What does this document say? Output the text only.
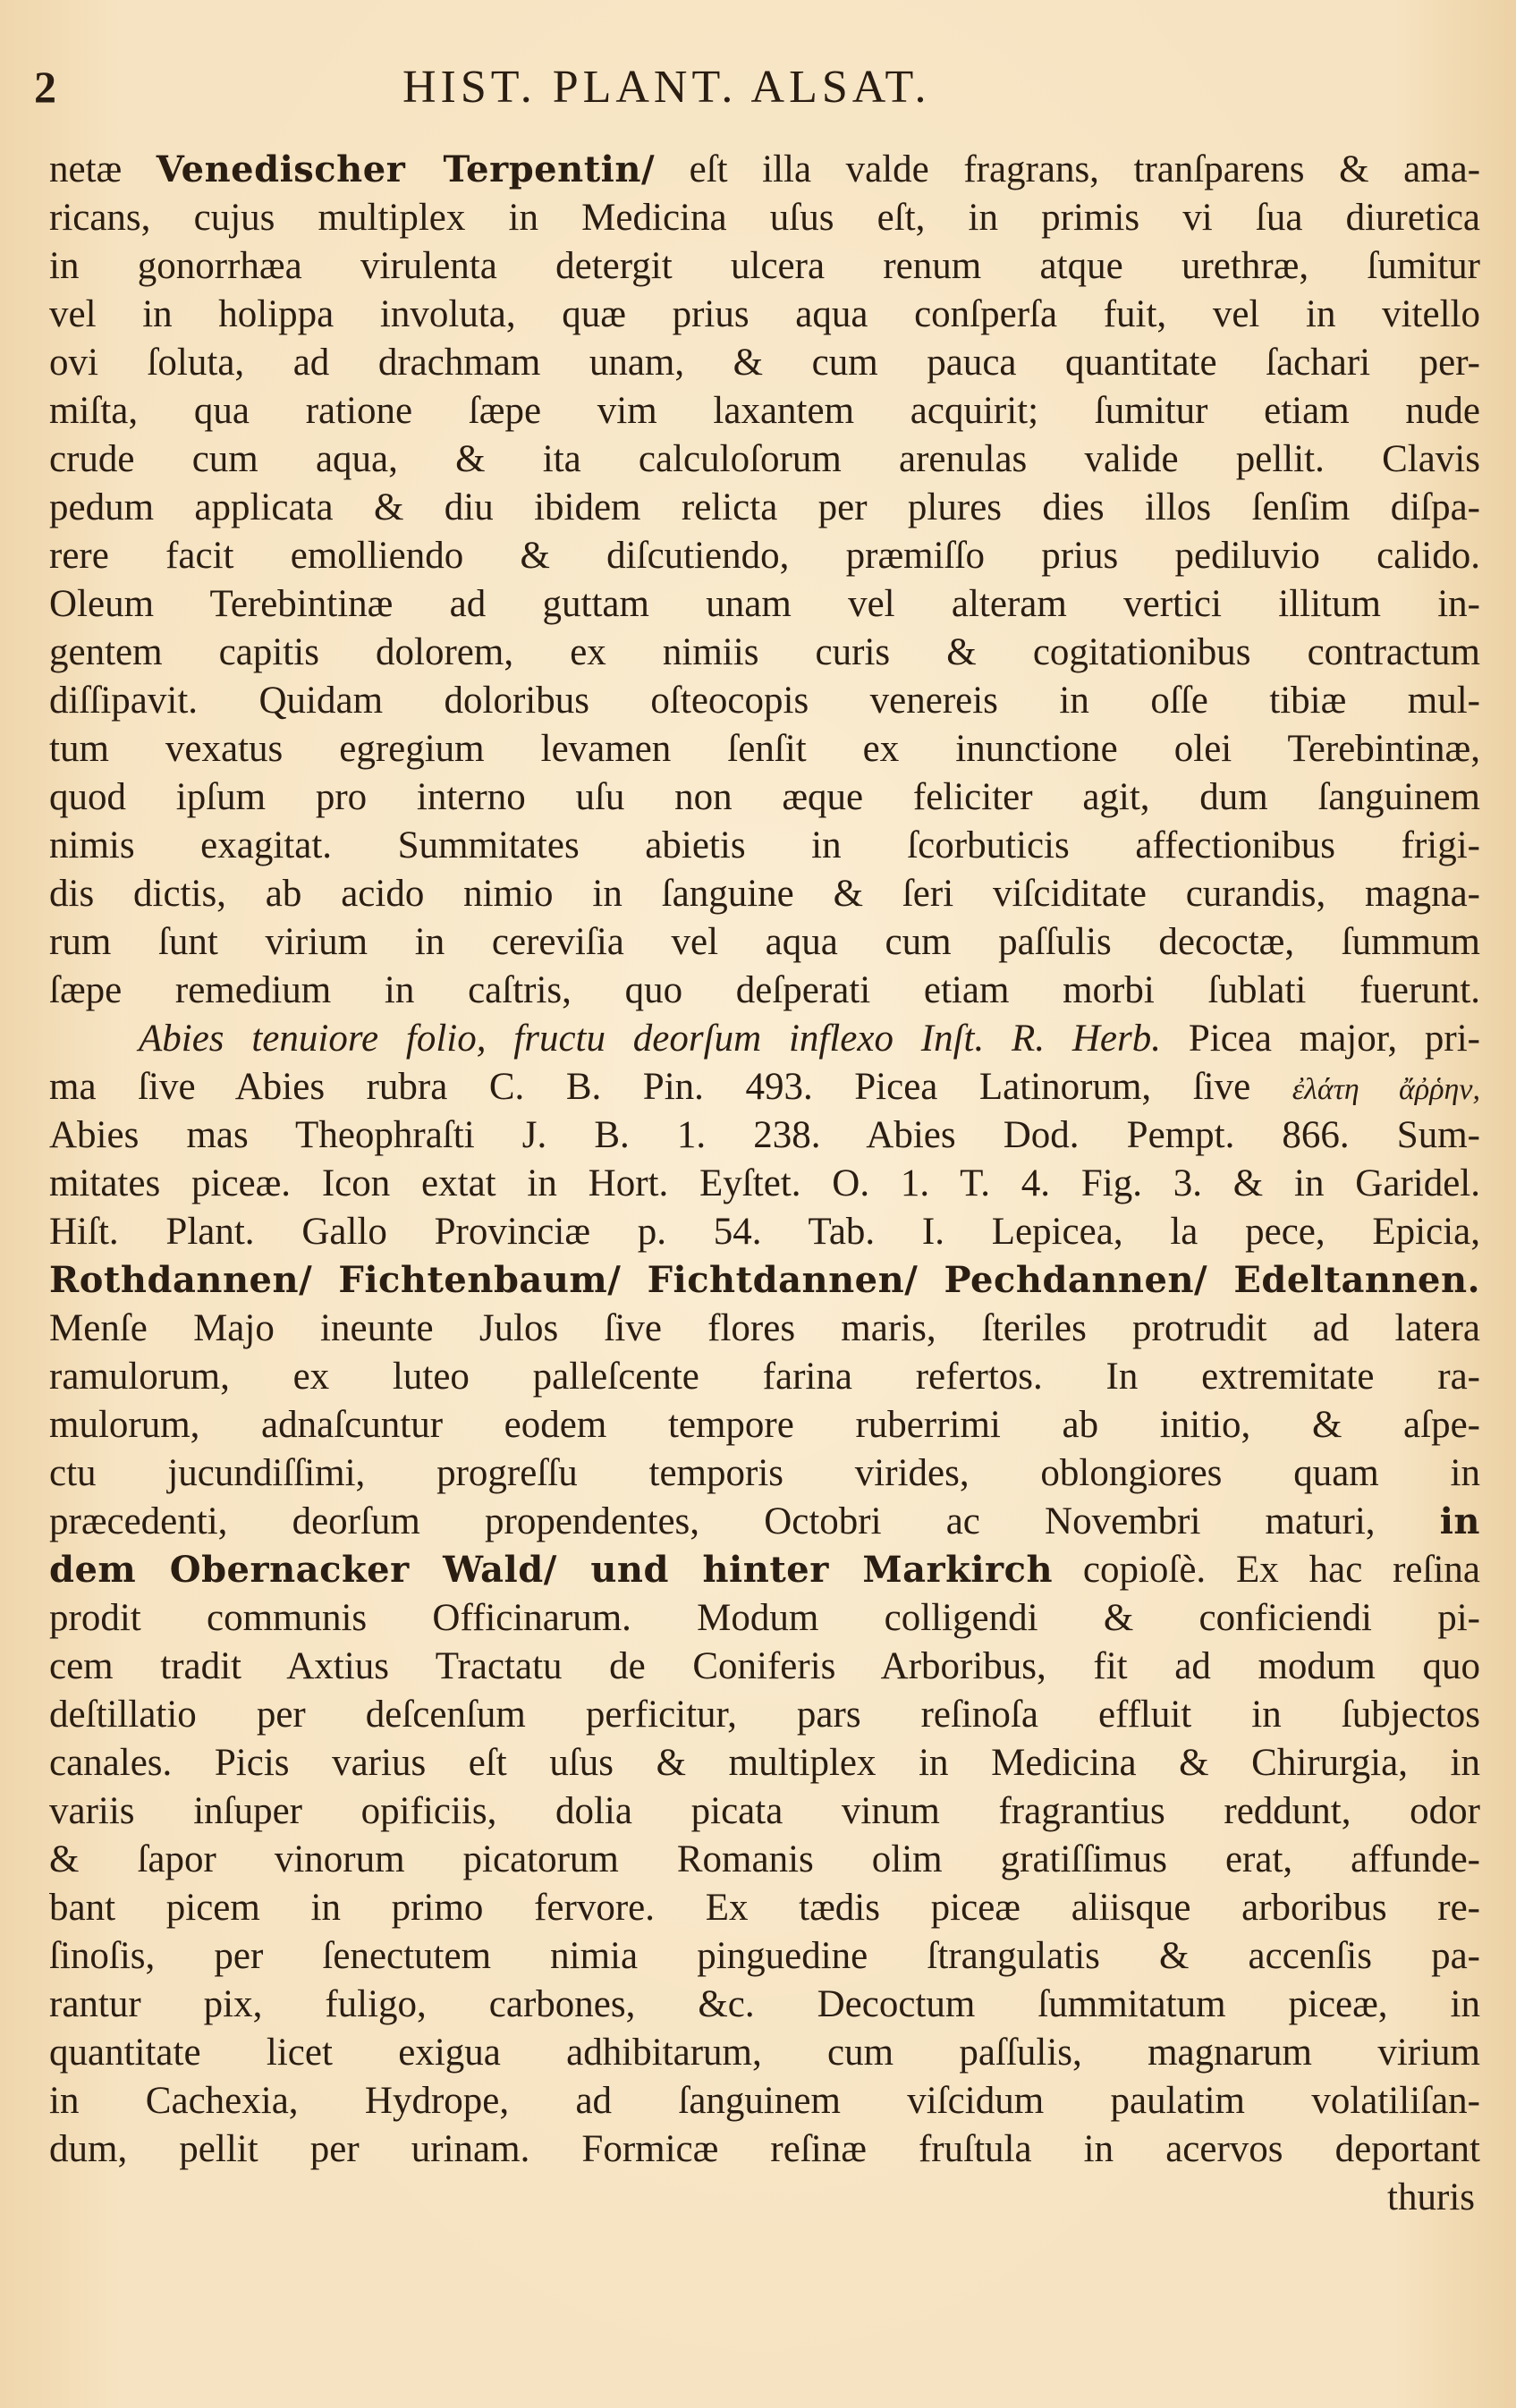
2	HIST. PLANT. ALSAT.
netæ Venedischer Terpentin/ eſt illa valde fragrans, tranſparens & ama-
ricans, cujus multiplex in Medicina uſus eſt, in primis vi ſua diuretica
in gonorrhæa virulenta detergit ulcera renum atque urethræ, ſumitur
vel in holippa involuta, quæ prius aqua conſperſa fuit, vel in vitello
ovi ſoluta, ad drachmam unam, & cum pauca quantitate ſachari per-
miſta, qua ratione ſæpe vim laxantem acquirit; ſumitur etiam nude
crude cum aqua, & ita calculoſorum arenulas valide pellit. Clavis
pedum applicata & diu ibidem relicta per plures dies illos ſenſim diſpa-
rere facit emolliendo & diſcutiendo, præmiſſo prius pediluvio calido.
Oleum Terebintinæ ad guttam unam vel alteram vertici illitum in-
gentem capitis dolorem, ex nimiis curis & cogitationibus contractum
diſſipavit. Quidam doloribus oſteocopis venereis in oſſe tibiæ mul-
tum vexatus egregium levamen ſenſit ex inunctione olei Terebintinæ,
quod ipſum pro interno uſu non æque feliciter agit, dum ſanguinem
nimis exagitat. Summitates abietis in ſcorbuticis affectionibus frigi-
dis dictis, ab acido nimio in ſanguine & ſeri viſciditate curandis, magna-
rum ſunt virium in cereviſia vel aqua cum paſſulis decoctæ, ſummum
ſæpe remedium in caſtris, quo deſperati etiam morbi ſublati fuerunt.
Abies tenuiore folio, fructu deorſum inflexo Inſt. R. Herb. Picea major, pri-
ma ſive Abies rubra C. B. Pin. 493. Picea Latinorum, ſive ἐλάτη ἄῤῥην,
Abies mas Theophraſti J. B. 1. 238. Abies Dod. Pempt. 866. Sum-
mitates piceæ. Icon extat in Hort. Eyſtet. O. 1. T. 4. Fig. 3. & in Garidel.
Hiſt. Plant. Gallo Provinciæ p. 54. Tab. I. Lepicea, la pece, Epicia,
Rothdannen/ Fichtenbaum/ Fichtdannen/ Pechdannen/ Edeltannen.
Menſe Majo ineunte Julos ſive flores maris, ſteriles protrudit ad latera
ramulorum, ex luteo palleſcente farina refertos. In extremitate ra-
mulorum, adnaſcuntur eodem tempore ruberrimi ab initio, & aſpe-
ctu jucundiſſimi, progreſſu temporis virides, oblongiores quam in
præcedenti, deorſum propendentes, Octobri ac Novembri maturi, in
dem Obernacker Wald/ und hinter Markirch copioſè. Ex hac reſina
prodit communis Officinarum. Modum colligendi & conficiendi pi-
cem tradit Axtius Tractatu de Coniferis Arboribus, fit ad modum quo
deſtillatio per deſcenſum perficitur, pars reſinoſa effluit in ſubjectos
canales. Picis varius eſt uſus & multiplex in Medicina & Chirurgia, in
variis inſuper opificiis, dolia picata vinum fragrantius reddunt, odor
& ſapor vinorum picatorum Romanis olim gratiſſimus erat, affunde-
bant picem in primo fervore. Ex tædis piceæ aliisque arboribus re-
ſinoſis, per ſenectutem nimia pinguedine ſtrangulatis & accenſis pa-
rantur pix, fuligo, carbones, &c. Decoctum ſummitatum piceæ, in
quantitate licet exigua adhibitarum, cum paſſulis, magnarum virium
in Cachexia, Hydrope, ad ſanguinem viſcidum paulatim volatiliſan-
dum, pellit per urinam. Formicæ reſinæ fruſtula in acervos deportant
thuris
